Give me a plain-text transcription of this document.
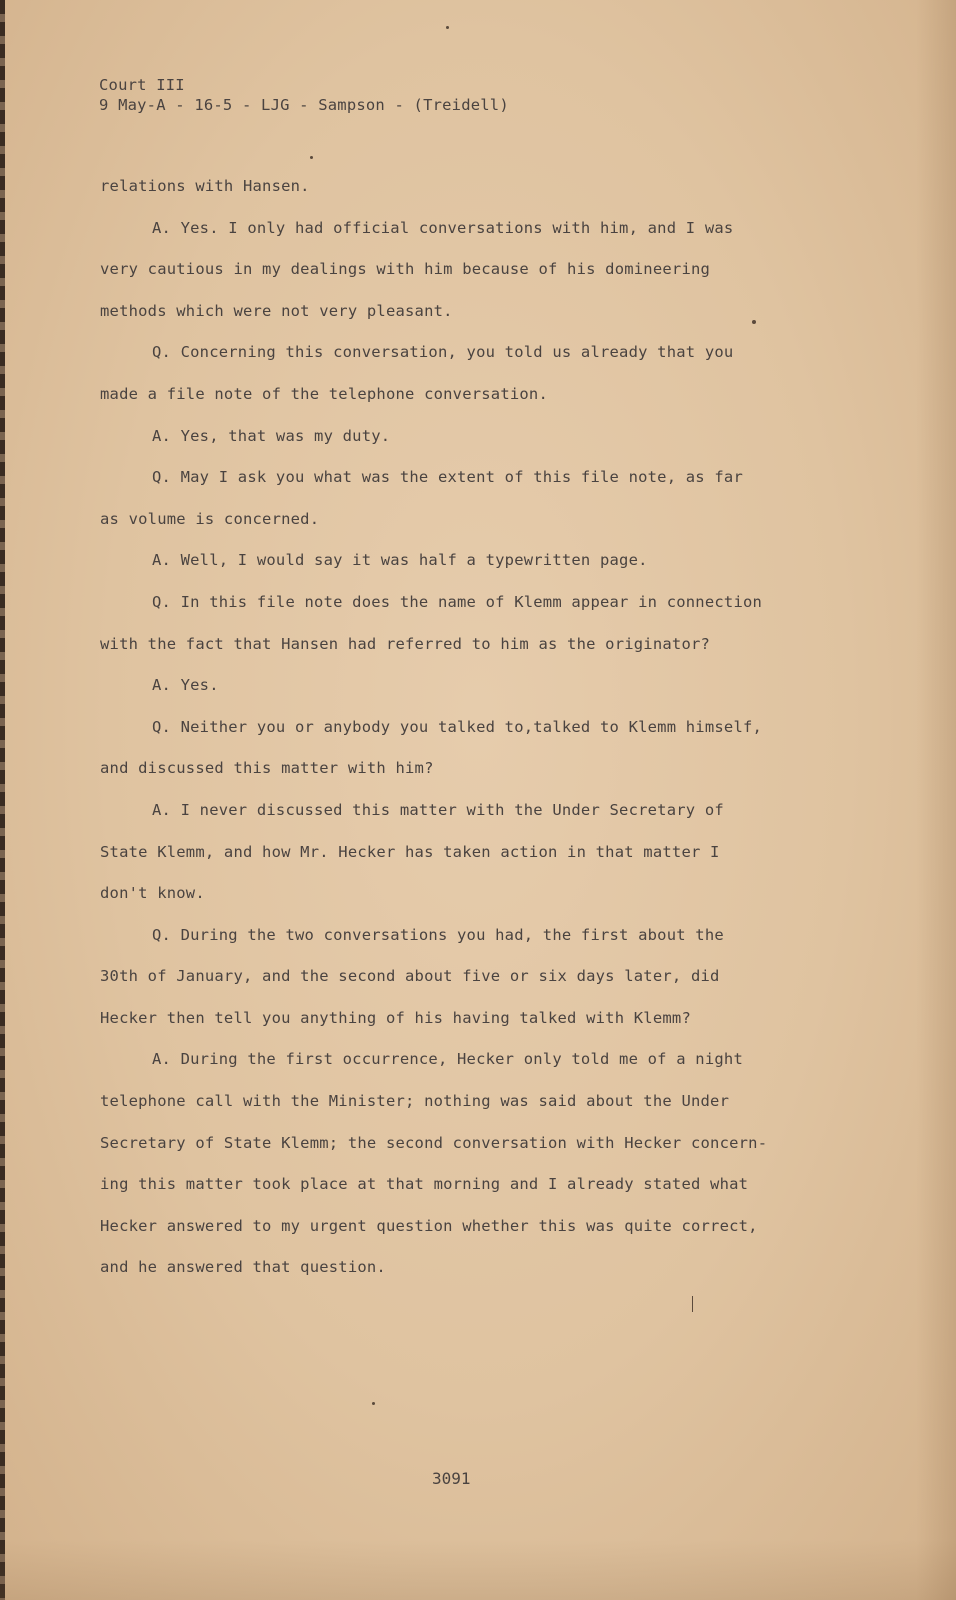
Court III
9 May-A - 16-5 - LJG - Sampson - (Treidell)
relations with Hansen.
A. Yes. I only had official conversations with him, and I was
very cautious in my dealings with him because of his domineering
methods which were not very pleasant.
Q. Concerning this conversation, you told us already that you
made a file note of the telephone conversation.
A. Yes, that was my duty.
Q. May I ask you what was the extent of this file note, as far
as volume is concerned.
A. Well, I would say it was half a typewritten page.
Q. In this file note does the name of Klemm appear in connection
with the fact that Hansen had referred to him as the originator?
A. Yes.
Q. Neither you or anybody you talked to,talked to Klemm himself,
and discussed this matter with him?
A. I never discussed this matter with the Under Secretary of
State Klemm, and how Mr. Hecker has taken action in that matter I
don't know.
Q. During the two conversations you had, the first about the
30th of January, and the second about five or six days later, did
Hecker then tell you anything of his having talked with Klemm?
A. During the first occurrence, Hecker only told me of a night
telephone call with the Minister; nothing was said about the Under
Secretary of State Klemm; the second conversation with Hecker concern-
ing this matter took place at that morning and I already stated what
Hecker answered to my urgent question whether this was quite correct,
and he answered that question.
3091
